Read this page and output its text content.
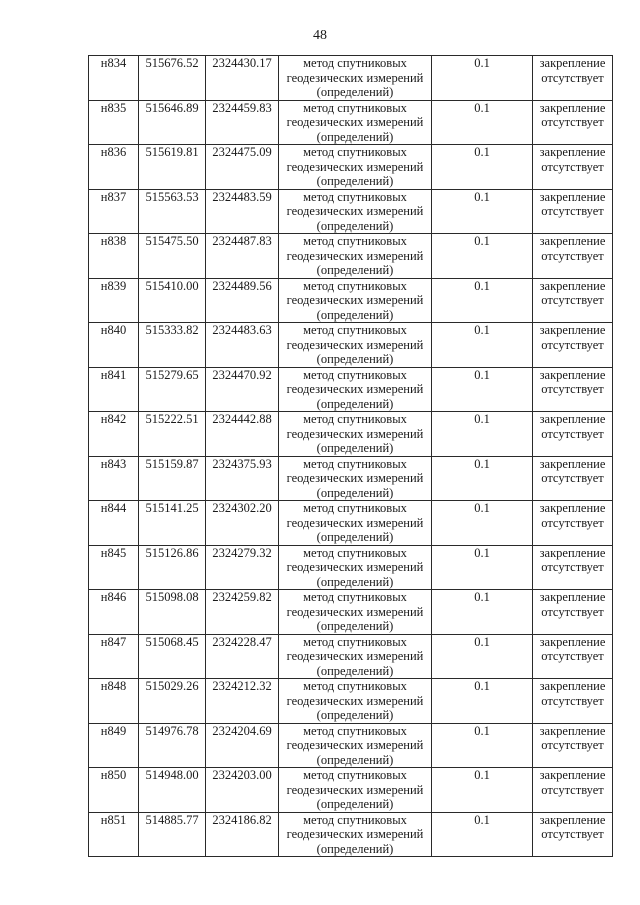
48
н834	515676.52	2324430.17	метод спутниковых
геодезических измерений
(определений)	0.1	закрепление
отсутствует

н835	515646.89	2324459.83	метод спутниковых
геодезических измерений
(определений)	0.1	закрепление
отсутствует

н836	515619.81	2324475.09	метод спутниковых
геодезических измерений
(определений)	0.1	закрепление
отсутствует

н837	515563.53	2324483.59	метод спутниковых
геодезических измерений
(определений)	0.1	закрепление
отсутствует

н838	515475.50	2324487.83	метод спутниковых
геодезических измерений
(определений)	0.1	закрепление
отсутствует

н839	515410.00	2324489.56	метод спутниковых
геодезических измерений
(определений)	0.1	закрепление
отсутствует

н840	515333.82	2324483.63	метод спутниковых
геодезических измерений
(определений)	0.1	закрепление
отсутствует

н841	515279.65	2324470.92	метод спутниковых
геодезических измерений
(определений)	0.1	закрепление
отсутствует

н842	515222.51	2324442.88	метод спутниковых
геодезических измерений
(определений)	0.1	закрепление
отсутствует

н843	515159.87	2324375.93	метод спутниковых
геодезических измерений
(определений)	0.1	закрепление
отсутствует

н844	515141.25	2324302.20	метод спутниковых
геодезических измерений
(определений)	0.1	закрепление
отсутствует

н845	515126.86	2324279.32	метод спутниковых
геодезических измерений
(определений)	0.1	закрепление
отсутствует

н846	515098.08	2324259.82	метод спутниковых
геодезических измерений
(определений)	0.1	закрепление
отсутствует

н847	515068.45	2324228.47	метод спутниковых
геодезических измерений
(определений)	0.1	закрепление
отсутствует

н848	515029.26	2324212.32	метод спутниковых
геодезических измерений
(определений)	0.1	закрепление
отсутствует

н849	514976.78	2324204.69	метод спутниковых
геодезических измерений
(определений)	0.1	закрепление
отсутствует

н850	514948.00	2324203.00	метод спутниковых
геодезических измерений
(определений)	0.1	закрепление
отсутствует

н851	514885.77	2324186.82	метод спутниковых
геодезических измерений
(определений)	0.1	закрепление
отсутствует
